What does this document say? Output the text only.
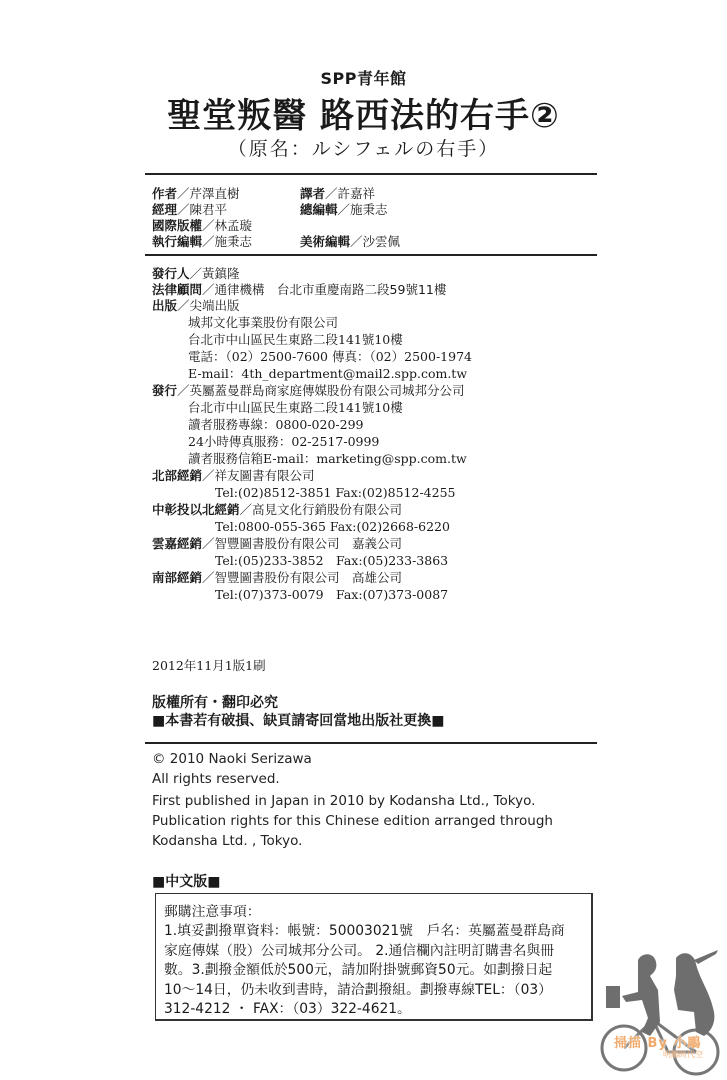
SPP青年館
聖堂叛醫 路西法的右手②
（原名：ルシフェルの右手）
作者／芹澤直樹	譯者／許嘉祥
經理／陳君平	總編輯／施秉志
國際版權／林孟璇
執行編輯／施秉志	美術編輯／沙雲佩
發行人／黃鎮隆
法律顧問／通律機構　台北市重慶南路二段59號11樓
出版／尖端出版
城邦文化事業股份有限公司
台北市中山區民生東路二段141號10樓
電話：（02）2500-7600 傳真：（02）2500-1974
E-mail：4th_department@mail2.spp.com.tw
發行／英屬蓋曼群島商家庭傳媒股份有限公司城邦分公司
台北市中山區民生東路二段141號10樓
讀者服務專線：0800-020-299
24小時傳真服務：02-2517-0999
讀者服務信箱E-mail：marketing@spp.com.tw
北部經銷／祥友圖書有限公司
Tel:(02)8512-3851 Fax:(02)8512-4255
中彰投以北經銷／高見文化行銷股份有限公司
Tel:0800-055-365 Fax:(02)2668-6220
雲嘉經銷／智豐圖書股份有限公司　嘉義公司
Tel:(05)233-3852　Fax:(05)233-3863
南部經銷／智豐圖書股份有限公司　高雄公司
Tel:(07)373-0079　Fax:(07)373-0087
2012年11月1版1刷
版權所有・翻印必究
■本書若有破損、缺頁請寄回當地出版社更換■
© 2010 Naoki Serizawa
All rights reserved.
First published in Japan in 2010 by Kodansha Ltd., Tokyo.
Publication rights for this Chinese edition arranged through
Kodansha Ltd. , Tokyo.
■中文版■
郵購注意事項：
1.填妥劃撥單資料：帳號：50003021號　戶名：英屬蓋曼群島商
家庭傳媒（股）公司城邦分公司。 2.通信欄內註明訂購書名與冊
數。3.劃撥金額低於500元，請加附掛號郵資50元。如劃撥日起
10～14日，仍未收到書時，請洽劃撥組。劃撥專線TEL：（03）
312-4212 ・ FAX：（03）322-4621。
掃描 By 小鵰
明鵰時代空
